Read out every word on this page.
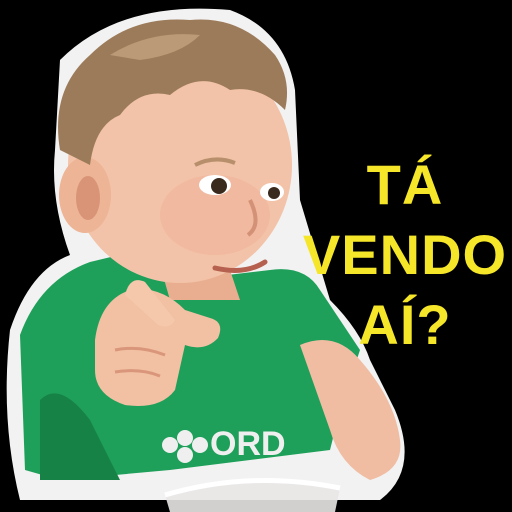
ORD
TÁ
VENDO
AÍ?
